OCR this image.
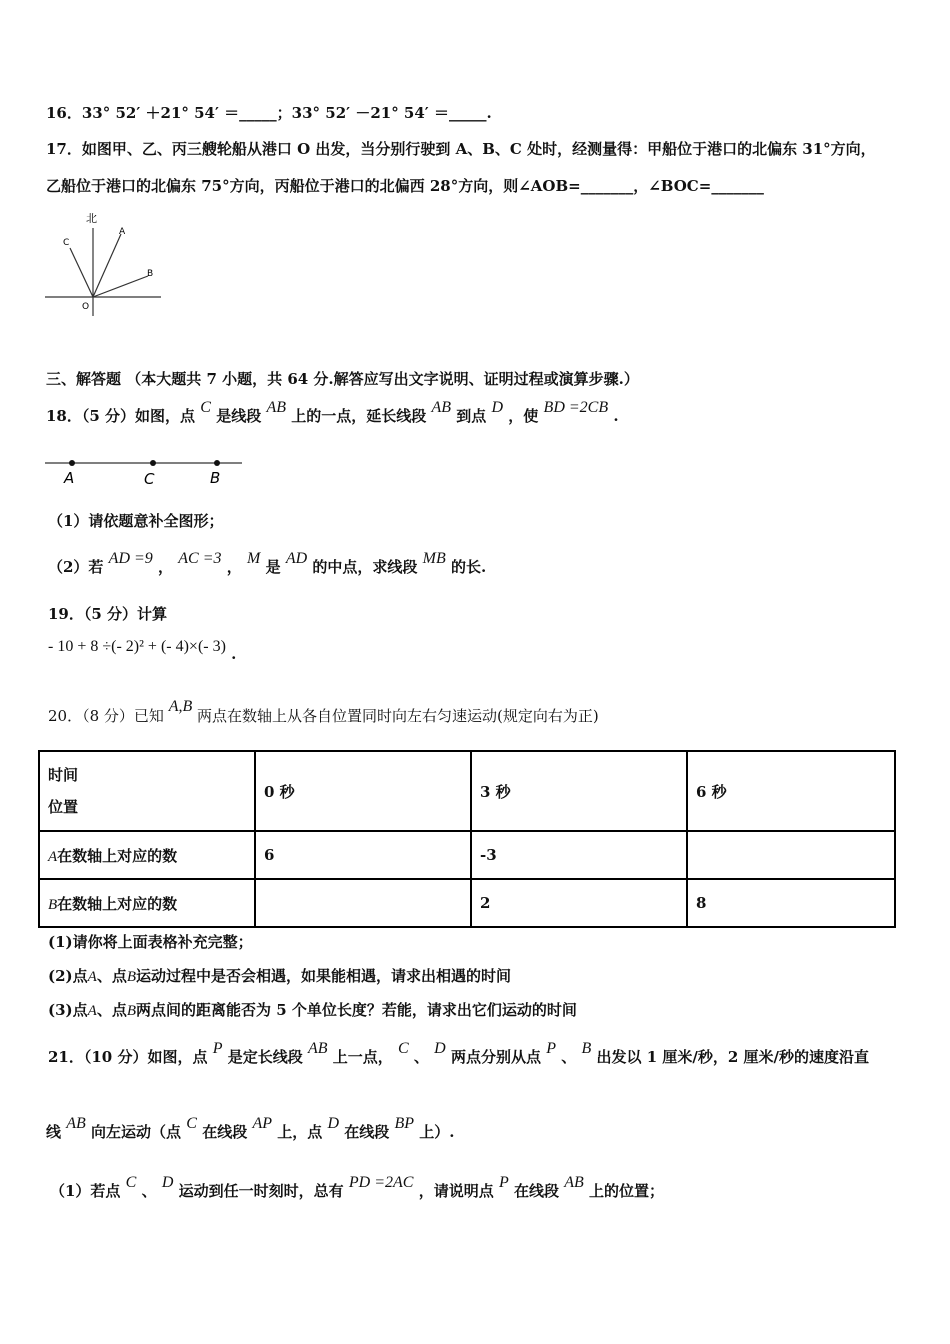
16．33° 52′ ＋21° 54′ ＝_____；33° 52′ －21° 54′ ＝_____.
17．如图甲、乙、丙三艘轮船从港口 O 出发，当分别行驶到 A、B、C 处时，经测量得：甲船位于港口的北偏东 31°方向，
乙船位于港口的北偏东 75°方向，丙船位于港口的北偏西 28°方向，则∠AOB=_______，∠BOC=_______
北
A
B
C
O
三、解答题 （本大题共 7 小题，共 64 分.解答应写出文字说明、证明过程或演算步骤.）
18．（5 分）如图，点 C 是线段 AB 上的一点，延长线段 AB 到点 D ，使 BD =2CB .
A	C	B
（1）请依题意补全图形；
（2）若 AD =9 ， AC =3 ， M 是 AD 的中点，求线段 MB 的长.
19．（5 分）计算
- 10 + 8 ÷(- 2)² + (- 4)×(- 3) .
20．（8 分）已知 A,B 两点在数轴上从各自位置同时向左右匀速运动(规定向右为正)
时间
位置	0 秒	3 秒	6 秒
A在数轴上对应的数	6	-3	
B在数轴上对应的数		2	8
(1)请你将上面表格补充完整；
(2)点A、点B运动过程中是否会相遇，如果能相遇，请求出相遇的时间
(3)点A、点B两点间的距离能否为 5 个单位长度？若能，请求出它们运动的时间
21．（10 分）如图，点 P 是定长线段 AB 上一点， C 、 D 两点分别从点 P 、 B 出发以 1 厘米/秒，2 厘米/秒的速度沿直
线 AB 向左运动（点 C 在线段 AP 上，点 D 在线段 BP 上）.
（1）若点 C 、 D 运动到任一时刻时，总有 PD =2AC ，请说明点 P 在线段 AB 上的位置；
